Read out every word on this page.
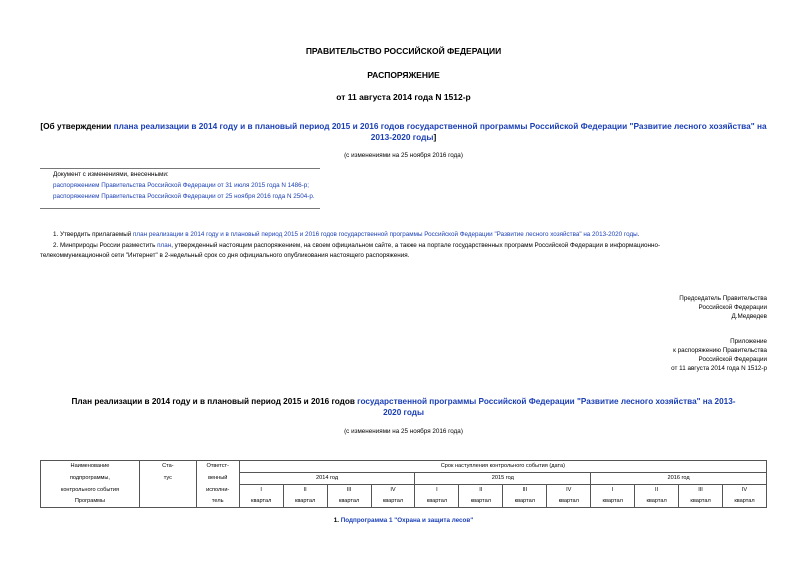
ПРАВИТЕЛЬСТВО РОССИЙСКОЙ ФЕДЕРАЦИИ
РАСПОРЯЖЕНИЕ
от 11 августа 2014 года N 1512-р
[Об утверждении плана реализации в 2014 году и в плановый период 2015 и 2016 годов государственной программы Российской Федерации "Развитие лесного хозяйства" на 2013-2020 годы]
(с изменениями на 25 ноября 2016 года)
Документ с изменениями, внесенными:
распоряжением Правительства Российской Федерации от 31 июля 2015 года N 1486-р;
распоряжением Правительства Российской Федерации от 25 ноября 2016 года N 2504-р.
1. Утвердить прилагаемый план реализации в 2014 году и в плановый период 2015 и 2016 годов государственной программы Российской Федерации "Развитие лесного хозяйства" на 2013-2020 годы.
2. Минприроды России разместить план, утвержденный настоящим распоряжением, на своем официальном сайте, а также на портале государственных программ Российской Федерации в информационно-
телекоммуникационной сети "Интернет" в 2-недельный срок со дня официального опубликования настоящего распоряжения.
Председатель Правительства
Российской Федерации
Д.Медведев
Приложение
к распоряжению Правительства
Российской Федерации
от 11 августа 2014 года N 1512-р
План реализации в 2014 году и в плановый период 2015 и 2016 годов государственной программы Российской Федерации "Развитие лесного хозяйства" на 2013-
2020 годы
(с изменениями на 25 ноября 2016 года)
Наименование	Ста-	Ответст-	Срок наступления контрольного события (дата)											
подпрограммы,	тус	венный	2014 год				2015 год				2016 год			
контрольного события		исполни-	I	II	III	IV	I	II	III	IV	I	II	III	IV
Программы		тель	квартал	квартал	квартал	квартал	квартал	квартал	квартал	квартал	квартал	квартал	квартал	квартал
1. Подпрограмма 1 "Охрана и защита лесов"
